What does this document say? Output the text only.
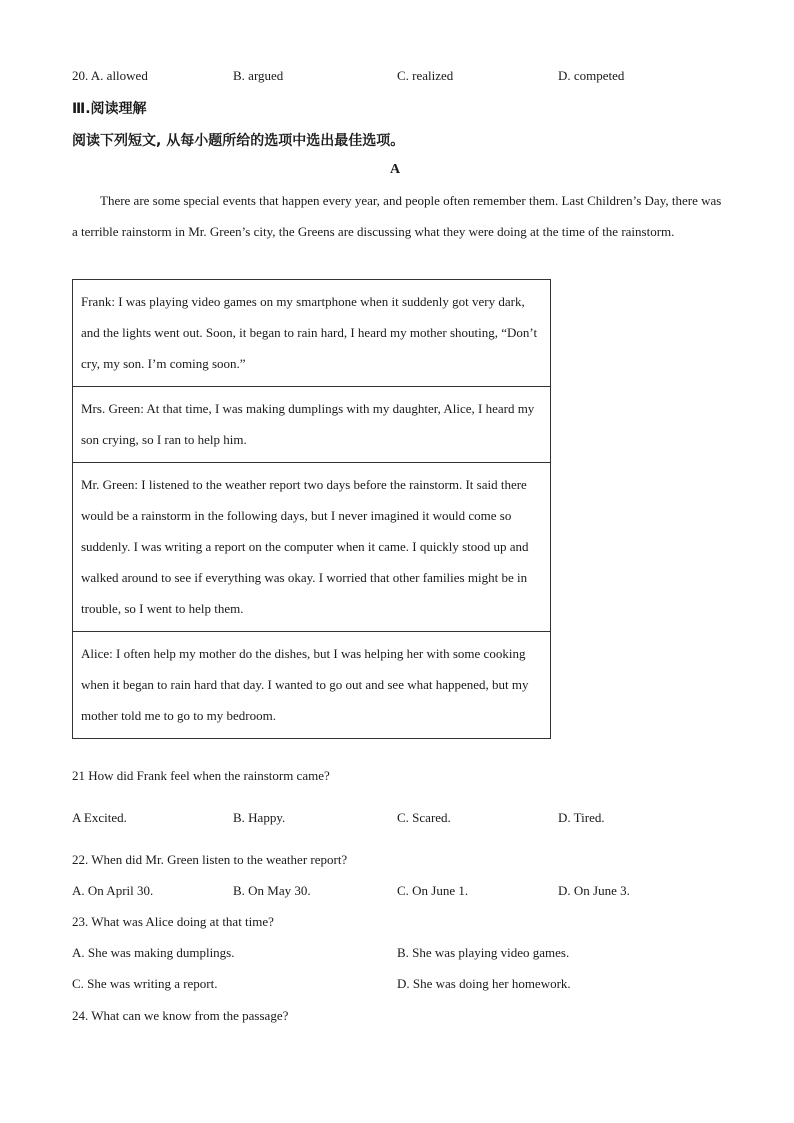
20. A. allowed	B. argued	C. realized	D. competed
Ⅲ.阅读理解
阅读下列短文, 从每小题所给的选项中选出最佳选项。
A
There are some special events that happen every year, and people often remember them. Last Children’s Day, there was a terrible rainstorm in Mr. Green’s city, the Greens are discussing what they were doing at the time of the rainstorm.
Frank: I was playing video games on my smartphone when it suddenly got very dark, and the lights went out. Soon, it began to rain hard, I heard my mother shouting, “Don’t cry, my son. I’m coming soon.”
Mrs. Green: At that time, I was making dumplings with my daughter, Alice, I heard my son crying, so I ran to help him.
Mr. Green: I listened to the weather report two days before the rainstorm. It said there would be a rainstorm in the following days, but I never imagined it would come so suddenly. I was writing a report on the computer when it came. I quickly stood up and walked around to see if everything was okay. I worried that other families might be in trouble, so I went to help them.
Alice: I often help my mother do the dishes, but I was helping her with some cooking when it began to rain hard that day. I wanted to go out and see what happened, but my mother told me to go to my bedroom.
21 How did Frank feel when the rainstorm came?
A Excited.	B. Happy.	C. Scared.	D. Tired.
22. When did Mr. Green listen to the weather report?
A. On April 30.	B. On May 30.	C. On June 1.	D. On June 3.
23. What was Alice doing at that time?
A. She was making dumplings.	B. She was playing video games.
C. She was writing a report.	D. She was doing her homework.
24. What can we know from the passage?
